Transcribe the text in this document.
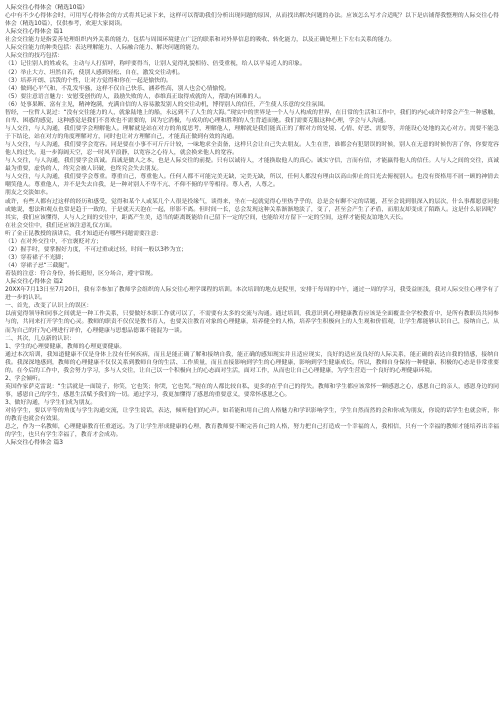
人际交往心得体会（精选10篇）

心中有不少心得体会时，可用写心得体会的方式将其记录下来，这样可以帮助我们分析出现问题的原因，从而找出解决问题的办法。应该怎么写才合适呢？以下是店铺帮我整理的人际交往心得体会（精选10篇），仅供参考，欢迎大家阅读。

人际交往心得体会 篇1

社会交往能力是指妥善处理组织内外关系的能力，包括与周围环境建立广泛的联系和对外界信息的吸收、转化能力，以及正确处理上下左右关系的能力。

人际交往能力的种类包括：表达理解能力、人际融合能力、解决问题的能力。

人际交往的技巧包括：

（1）记住别人的姓或名，主动与人打招呼，称呼要得当，让别人觉得礼貌相待、倍受重视，给人以平易近人的印象。

（2）举止大方、坦然自若，使别人感到轻松、自在，激发交往动机。

（3）培养开朗、活泼的个性，让对方觉得和你在一起是愉快的。

（4）做到心平气和，不乱发牢骚，这样不仅自己快乐、涵养性高，别人也会心情愉悦。

（5）要注意语言魅力：安慰受创伤的人，鼓励失败的人，恭维真正取得成就的人，帮助有困难的人。

（6）处事果断、富有主见，精神饱满，充满自信的人容易激发别人的交往动机，博得别人的信任，产生使人乐意的交往氛围。

智经，一位哲人说过：“没有交往能力的人，就象陆地上的船，永远到不了人生的大海。”现实中的世界是一个人与人构成的世界，在日常的生活和工作中，我们的内心或许时常会产生一种感触，自卑、困惑的感觉，这种感觉是我们不喜欢也不需要的，因为它消极，与成功的心理和胜利的人生背道而驰。我们需要克服这种心理，学会与人沟通。

与人交往，与人沟通，我们要学会理解他人。理解就是站在对方的角度思考，理解他人，理解就是我们能真正的了解对方的处境、心情、好恶、需要等，并能设心处地的关心对方。需要不能急于下结论，站在对方的角度理解对方，同时也让对方理解自己，才能真正做到有效的沟通。

与人交往，与人沟通，我们要学会宽容。同是要在小事不可斤斤计较，一味地求全责备，这样只会让自己失去朋友。人生在世，谁都会有犯错误的时候，别人在无意的时候伤害了你，你要宽容他人的过失。退一步海阔天空，忍一时风平浪静，以宽容之心待人，就会换来他人的宽容。

与人交往，与人沟通，我们要学会真诚。真诚是做人之本，也是人际交往的前提。只有以诚待人，才能换取他人的真心。诚实守信，言而有信，才能赢得他人的信任。人与人之间的交往，真诚最为重要，虚伪的人，终究会被人识破，也终究会失去朋友。

与人交往，与人沟通，我们要学会尊重。尊重自己，尊重他人。任何人都不可能完美无缺，完美无缺，所以，任何人都没有理由以高山仰止的目光去俯视别人。也没有资格用不屑一顾的神情去嘲笑他人。尊重他人，并不是失去自我，是一种对别人不卑不亢、不仰不俯的平等相待。尊人者，人尊之。

朋友之交淡如水。

或许，有些人都有过这样的经历和感受，觉得和某个人或某几个人很是投缘气，谈得来，坐在一起就觉得心里热乎乎的，总是会有聊不完的话题，甚至会说到很深入的层次，什么事都愿意同他或她说，想法和观点也常是趋于一致的，于是就天天泡在一起，形影不离。但时间一长，总会发现这种关系渐渐地淡了，变了，甚至会产生了矛盾，而朋友却变成了陌路人。这是什么原因呢？其实，我们应该懂得，人与人之间的交往中，距离产生美，适当的距离既能给自己留下一定的空间，也能给对方留下一定的空间，这样才能使友谊地久天长。

在社会交往中，我们还应该注意礼仪方面。

听了金正昆教授的演讲后，我才知道还有哪些问题需要注意：

（1）在对外交往中，不宜褒贬对方；

（2）握手时，要掌握好力度，不可过重或过轻，时间一般以3秒为宜；

（3）穿着裙子不光脚；

（4）穿裙子忌“三截腿”。

着装的注意：符合身份，扬长避短，区分场合，遵守常规。

人际交往心得体会 篇2

20XX年7月13日至7月20日，我有幸参加了教师学会组织的人际交往心理学课程的培训。本次培训的地点是院里，安排于每周的中午，通过一周的学习，我受益匪浅，我对人际交往心理学有了进一步的认识。

一、首先，改变了认识上的误区：

以前觉得领导和同事之间就是一种工作关系，只要做好本职工作就可以了，不需要有太多的交流与沟通。通过培训，我意识到心理健康教育应该是全面覆盖全学校教育中，是所有教职员共同参与的，共同来打开学生的心灵。教师的职责不仅仅是教书育人，也要关注教育对象的心理健康，培养健全的人格，培养学生积极向上的人生观和价值观，让学生都能够认识自己，接纳自己，从而为自己的行为心理进行评价，心理健康与思想品德课不能混为一谈。

二、其次，几点新的认识：

1、学生的心理要健康，教师的心理更要健康。

通过本次培训，我知道健康不仅是身体上没有任何疾病，而且是能正确了解和接纳自我，能正确的感知现实并且适应现实，良好的适应及良好的人际关系，能正确的表达自我的情感，接纳自我。我深深地感到，教师的心理健康不仅仅关系到教师自身的生活、工作质量，而且直接影响到学生的心理健康，影响到学生健康成长。所以，教师自身保持一种健康、积极的心态是非常重要的。在今后的工作中，我会努力学习，多与人交往，让自己以一个积极向上的心态面对生活，面对工作，从而也让自己心理健康，为学生营造一个良好的心理健康环境。

2、学会倾听。

英国作家萨克雷说：“生活就是一面镜子，你笑，它也笑；你哭，它也哭。”现在的人都比较自私，更多的在乎自己的得失。教师和学生都应该常怀一颗感恩之心，感恩自己的亲人，感恩身边的同事，感恩自己的学生，感恩生活赋予我们的一切。通过学习，我更加懂得了感恩的重要意义，要常怀感恩之心。

3、做好沟通，与学生们成为朋友。

对待学生，要以平等的角度与学生沟通交流，让学生说话，表达，倾听他们的心声。如若能和用自己的人格魅力和学识影响学生，学生自然而然的会和你成为朋友，你说的话学生也就会听，你的教育也就会有效果。

总之，作为一名教师，心理健康教育任重道远。为了让学生形成健康的心理，教育教师要不断完善自己的人格，努力把自己打造成一个幸福的人，我相信，只有一个幸福的教师才能培养出幸福的学生，也只有学生幸福了，教育才会成功。

人际交往心得体会 篇3
